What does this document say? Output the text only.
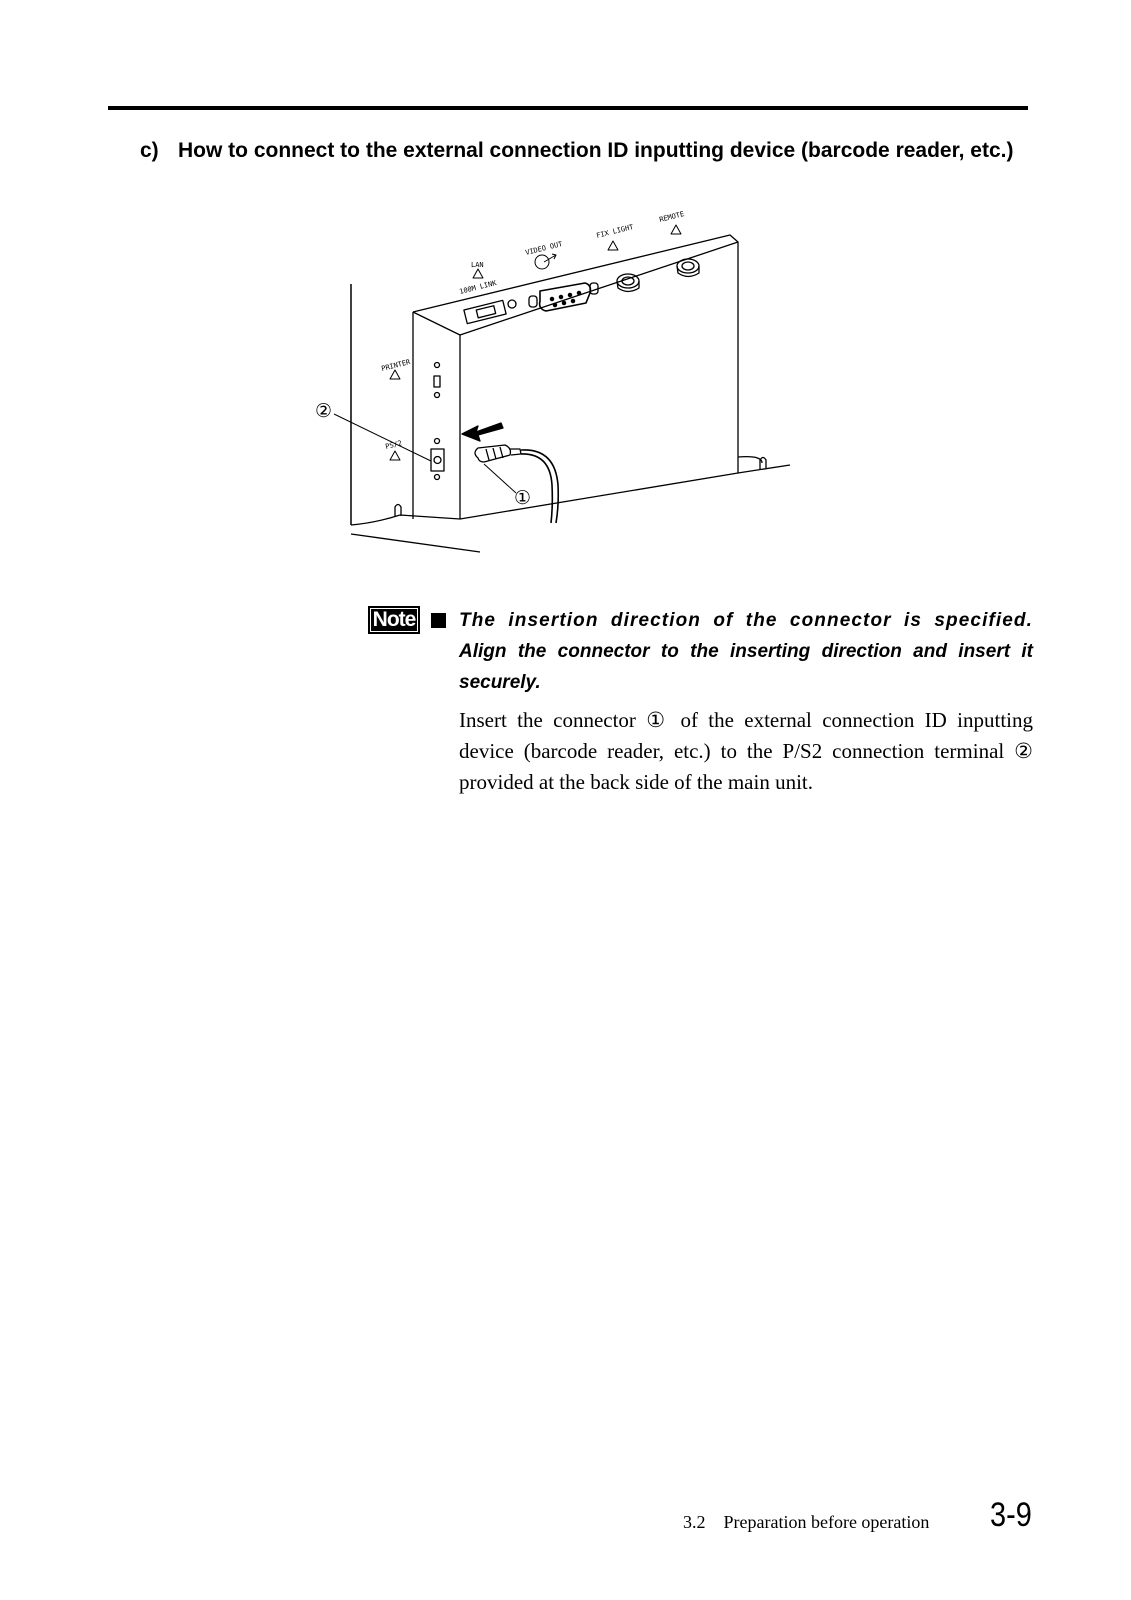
c) How to connect to the external connection ID inputting device (barcode reader, etc.)
LAN
100M LINK
VIDEO OUT
FIX LIGHT
REMOTE
PRINTER
PS/2
②
①
Note The insertion direction of the connector is specified. Align the connector to the inserting direction and insert it securely.
Insert the connector ① of the external connection ID inputting device (barcode reader, etc.) to the P/S2 connection terminal ② provided at the back side of the main unit.
3.2 Preparation before operation 3-9
